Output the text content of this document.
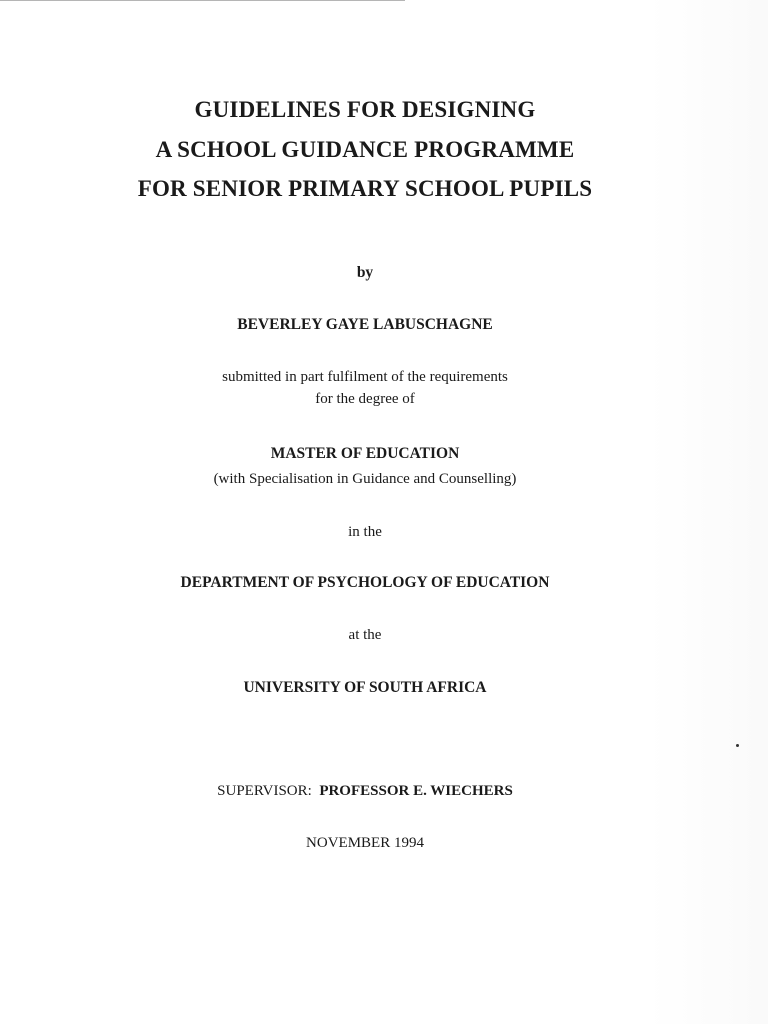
GUIDELINES FOR DESIGNING
A SCHOOL GUIDANCE PROGRAMME
FOR SENIOR PRIMARY SCHOOL PUPILS
by
BEVERLEY GAYE LABUSCHAGNE
submitted in part fulfilment of the requirements
for the degree of
MASTER OF EDUCATION
(with Specialisation in Guidance and Counselling)
in the
DEPARTMENT OF PSYCHOLOGY OF EDUCATION
at the
UNIVERSITY OF SOUTH AFRICA
SUPERVISOR: PROFESSOR E. WIECHERS
NOVEMBER 1994
